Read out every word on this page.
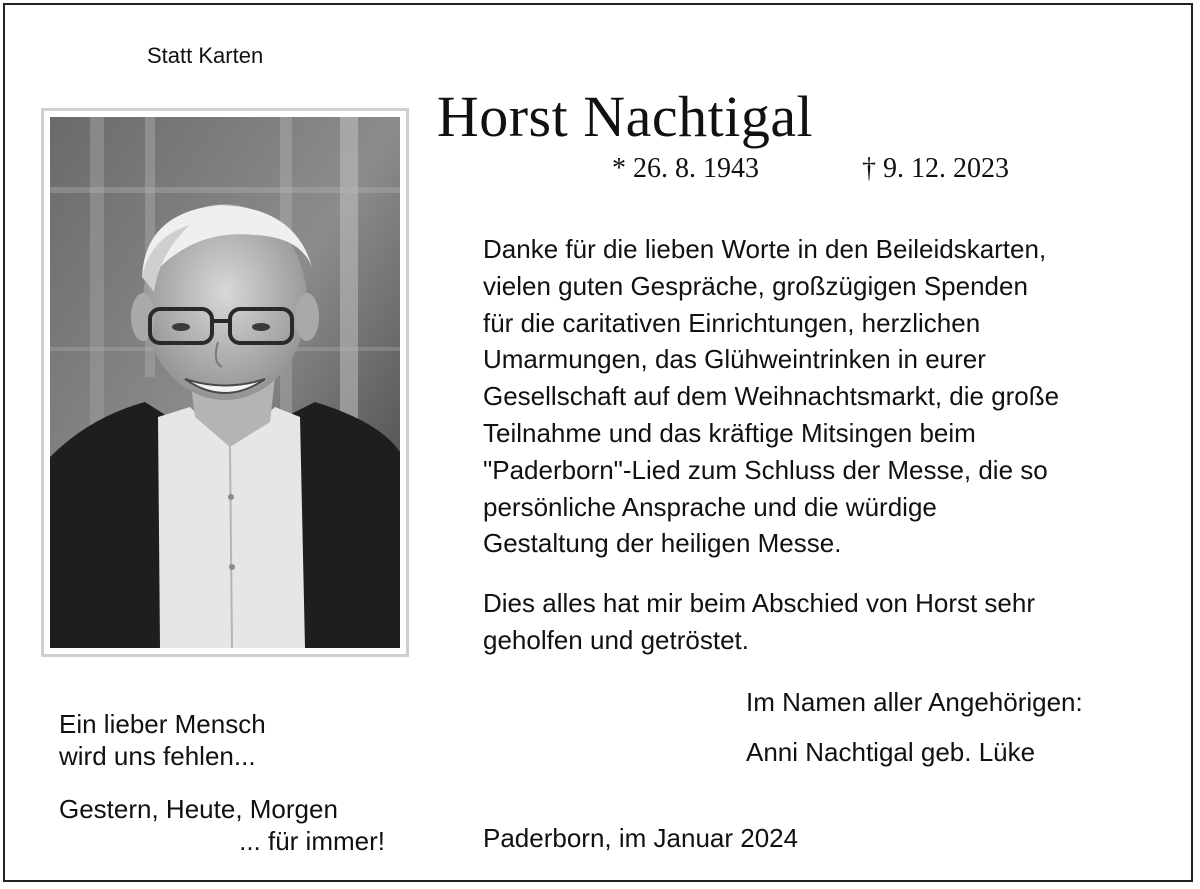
Statt Karten
Horst Nachtigal
* 26. 8. 1943	† 9. 12. 2023
Danke für die lieben Worte in den Beileidskarten,
vielen guten Gespräche, großzügigen Spenden
für die caritativen Einrichtungen, herzlichen
Umarmungen, das Glühweintrinken in eurer
Gesellschaft auf dem Weihnachtsmarkt, die große
Teilnahme und das kräftige Mitsingen beim
"Paderborn"-Lied zum Schluss der Messe, die so
persönliche Ansprache und die würdige
Gestaltung der heiligen Messe.
Dies alles hat mir beim Abschied von Horst sehr
geholfen und getröstet.
Im Namen aller Angehörigen:
Anni Nachtigal geb. Lüke
Paderborn, im Januar 2024
Ein lieber Mensch
wird uns fehlen...
Gestern, Heute, Morgen
... für immer!
